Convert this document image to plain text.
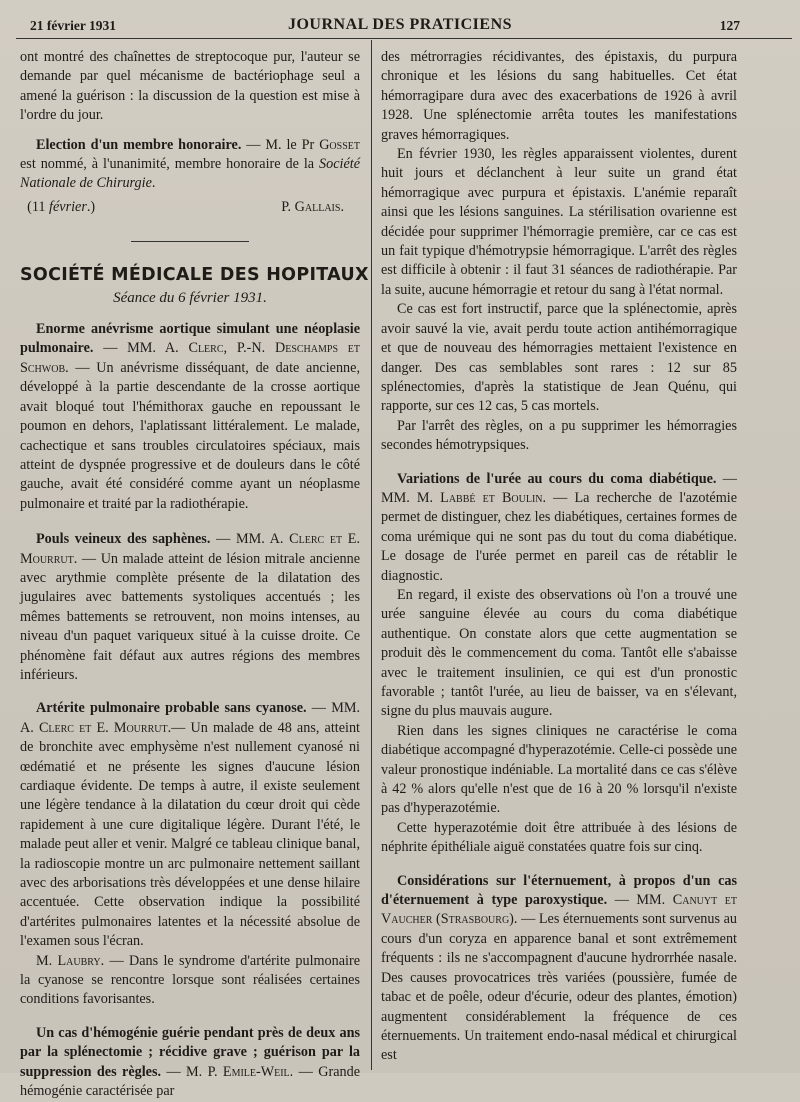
21 février 1931	JOURNAL DES PRATICIENS	127

ont montré des chaînettes de streptocoque pur, l'auteur se demande par quel mécanisme de bactériophage seul a amené la guérison : la discussion de la question est mise à l'ordre du jour.

Election d'un membre honoraire. — M. le Pr Gosset est nommé, à l'unanimité, membre honoraire de la Société Nationale de Chirurgie.

(11 février.)	P. Gallais.
SOCIÉTÉ MÉDICALE DES HOPITAUX

Séance du 6 février 1931.

Enorme anévrisme aortique simulant une néoplasie pulmonaire. — MM. A. Clerc, P.-N. Deschamps et Schwob. — Un anévrisme disséquant, de date ancienne, développé à la partie descendante de la crosse aortique avait bloqué tout l'hémithorax gauche en repoussant le poumon en dehors, l'aplatissant littéralement. Le malade, cachectique et sans troubles circulatoires spéciaux, mais atteint de dyspnée progressive et de douleurs dans le côté gauche, avait été considéré comme ayant un néoplasme pulmonaire et traité par la radiothérapie.

Pouls veineux des saphènes. — MM. A. Clerc et E. Mourrut. — Un malade atteint de lésion mitrale ancienne avec arythmie complète présente de la dilatation des jugulaires avec battements systoliques accentués ; les mêmes battements se retrouvent, non moins intenses, au niveau d'un paquet variqueux situé à la cuisse droite. Ce phénomène fait défaut aux autres régions des membres inférieurs.

Artérite pulmonaire probable sans cyanose. — MM. A. Clerc et E. Mourrut.— Un malade de 48 ans, atteint de bronchite avec emphysème n'est nullement cyanosé ni œdématié et ne présente les signes d'aucune lésion cardiaque évidente. De temps à autre, il existe seulement une légère tendance à la dilatation du cœur droit qui cède rapidement à une cure digitalique légère. Durant l'été, le malade peut aller et venir. Malgré ce tableau clinique banal, la radioscopie montre un arc pulmonaire nettement saillant avec des arborisations très développées et une dense hilaire accentuée. Cette observation indique la possibilité d'artérites pulmonaires latentes et la nécessité absolue de l'examen sous l'écran.

M. Laubry. — Dans le syndrome d'artérite pulmonaire la cyanose se rencontre lorsque sont réalisées certaines conditions favorisantes.

Un cas d'hémogénie guérie pendant près de deux ans par la splénectomie ; récidive grave ; guérison par la suppression des règles. — M. P. Emile-Weil. — Grande hémogénie caractérisée par

des métrorragies récidivantes, des épistaxis, du purpura chronique et les lésions du sang habituelles. Cet état hémorragipare dura avec des exacerbations de 1926 à avril 1928. Une splénectomie arrêta toutes les manifestations graves hémorragiques.

En février 1930, les règles apparaissent violentes, durent huit jours et déclanchent à leur suite un grand état hémorragique avec purpura et épistaxis. L'anémie reparaît ainsi que les lésions sanguines. La stérilisation ovarienne est décidée pour supprimer l'hémorragie première, car ce cas est un fait typique d'hémotrypsie hémorragique. L'arrêt des règles est difficile à obtenir : il faut 31 séances de radiothérapie. Par la suite, aucune hémorragie et retour du sang à l'état normal.

Ce cas est fort instructif, parce que la splénectomie, après avoir sauvé la vie, avait perdu toute action antihémorragique et que de nouveau des hémorragies mettaient l'existence en danger. Des cas semblables sont rares : 12 sur 85 splénectomies, d'après la statistique de Jean Quénu, qui rapporte, sur ces 12 cas, 5 cas mortels.

Par l'arrêt des règles, on a pu supprimer les hémorragies secondes hémotrypsiques.

Variations de l'urée au cours du coma diabétique. — MM. M. Labbé et Boulin. — La recherche de l'azotémie permet de distinguer, chez les diabétiques, certaines formes de coma urémique qui ne sont pas du tout du coma diabétique. Le dosage de l'urée permet en pareil cas de rétablir le diagnostic.

En regard, il existe des observations où l'on a trouvé une urée sanguine élevée au cours du coma diabétique authentique. On constate alors que cette augmentation se produit dès le commencement du coma. Tantôt elle s'abaisse avec le traitement insulinien, ce qui est d'un pronostic favorable ; tantôt l'urée, au lieu de baisser, va en s'élevant, signe du plus mauvais augure.

Rien dans les signes cliniques ne caractérise le coma diabétique accompagné d'hyperazotémie. Celle-ci possède une valeur pronostique indéniable. La mortalité dans ce cas s'élève à 42 % alors qu'elle n'est que de 16 à 20 % lorsqu'il n'existe pas d'hyperazotémie.

Cette hyperazotémie doit être attribuée à des lésions de néphrite épithéliale aiguë constatées quatre fois sur cinq.

Considérations sur l'éternuement, à propos d'un cas d'éternuement à type paroxystique. — MM. Canuyt et Vaucher (Strasbourg). — Les éternuements sont survenus au cours d'un coryza en apparence banal et sont extrêmement fréquents : ils ne s'accompagnent d'aucune hydrorrhée nasale. Des causes provocatrices très variées (poussière, fumée de tabac et de poêle, odeur d'écurie, odeur des plantes, émotion) augmentent considérablement la fréquence de ces éternuements. Un traitement endo-nasal médical et chirurgical est
